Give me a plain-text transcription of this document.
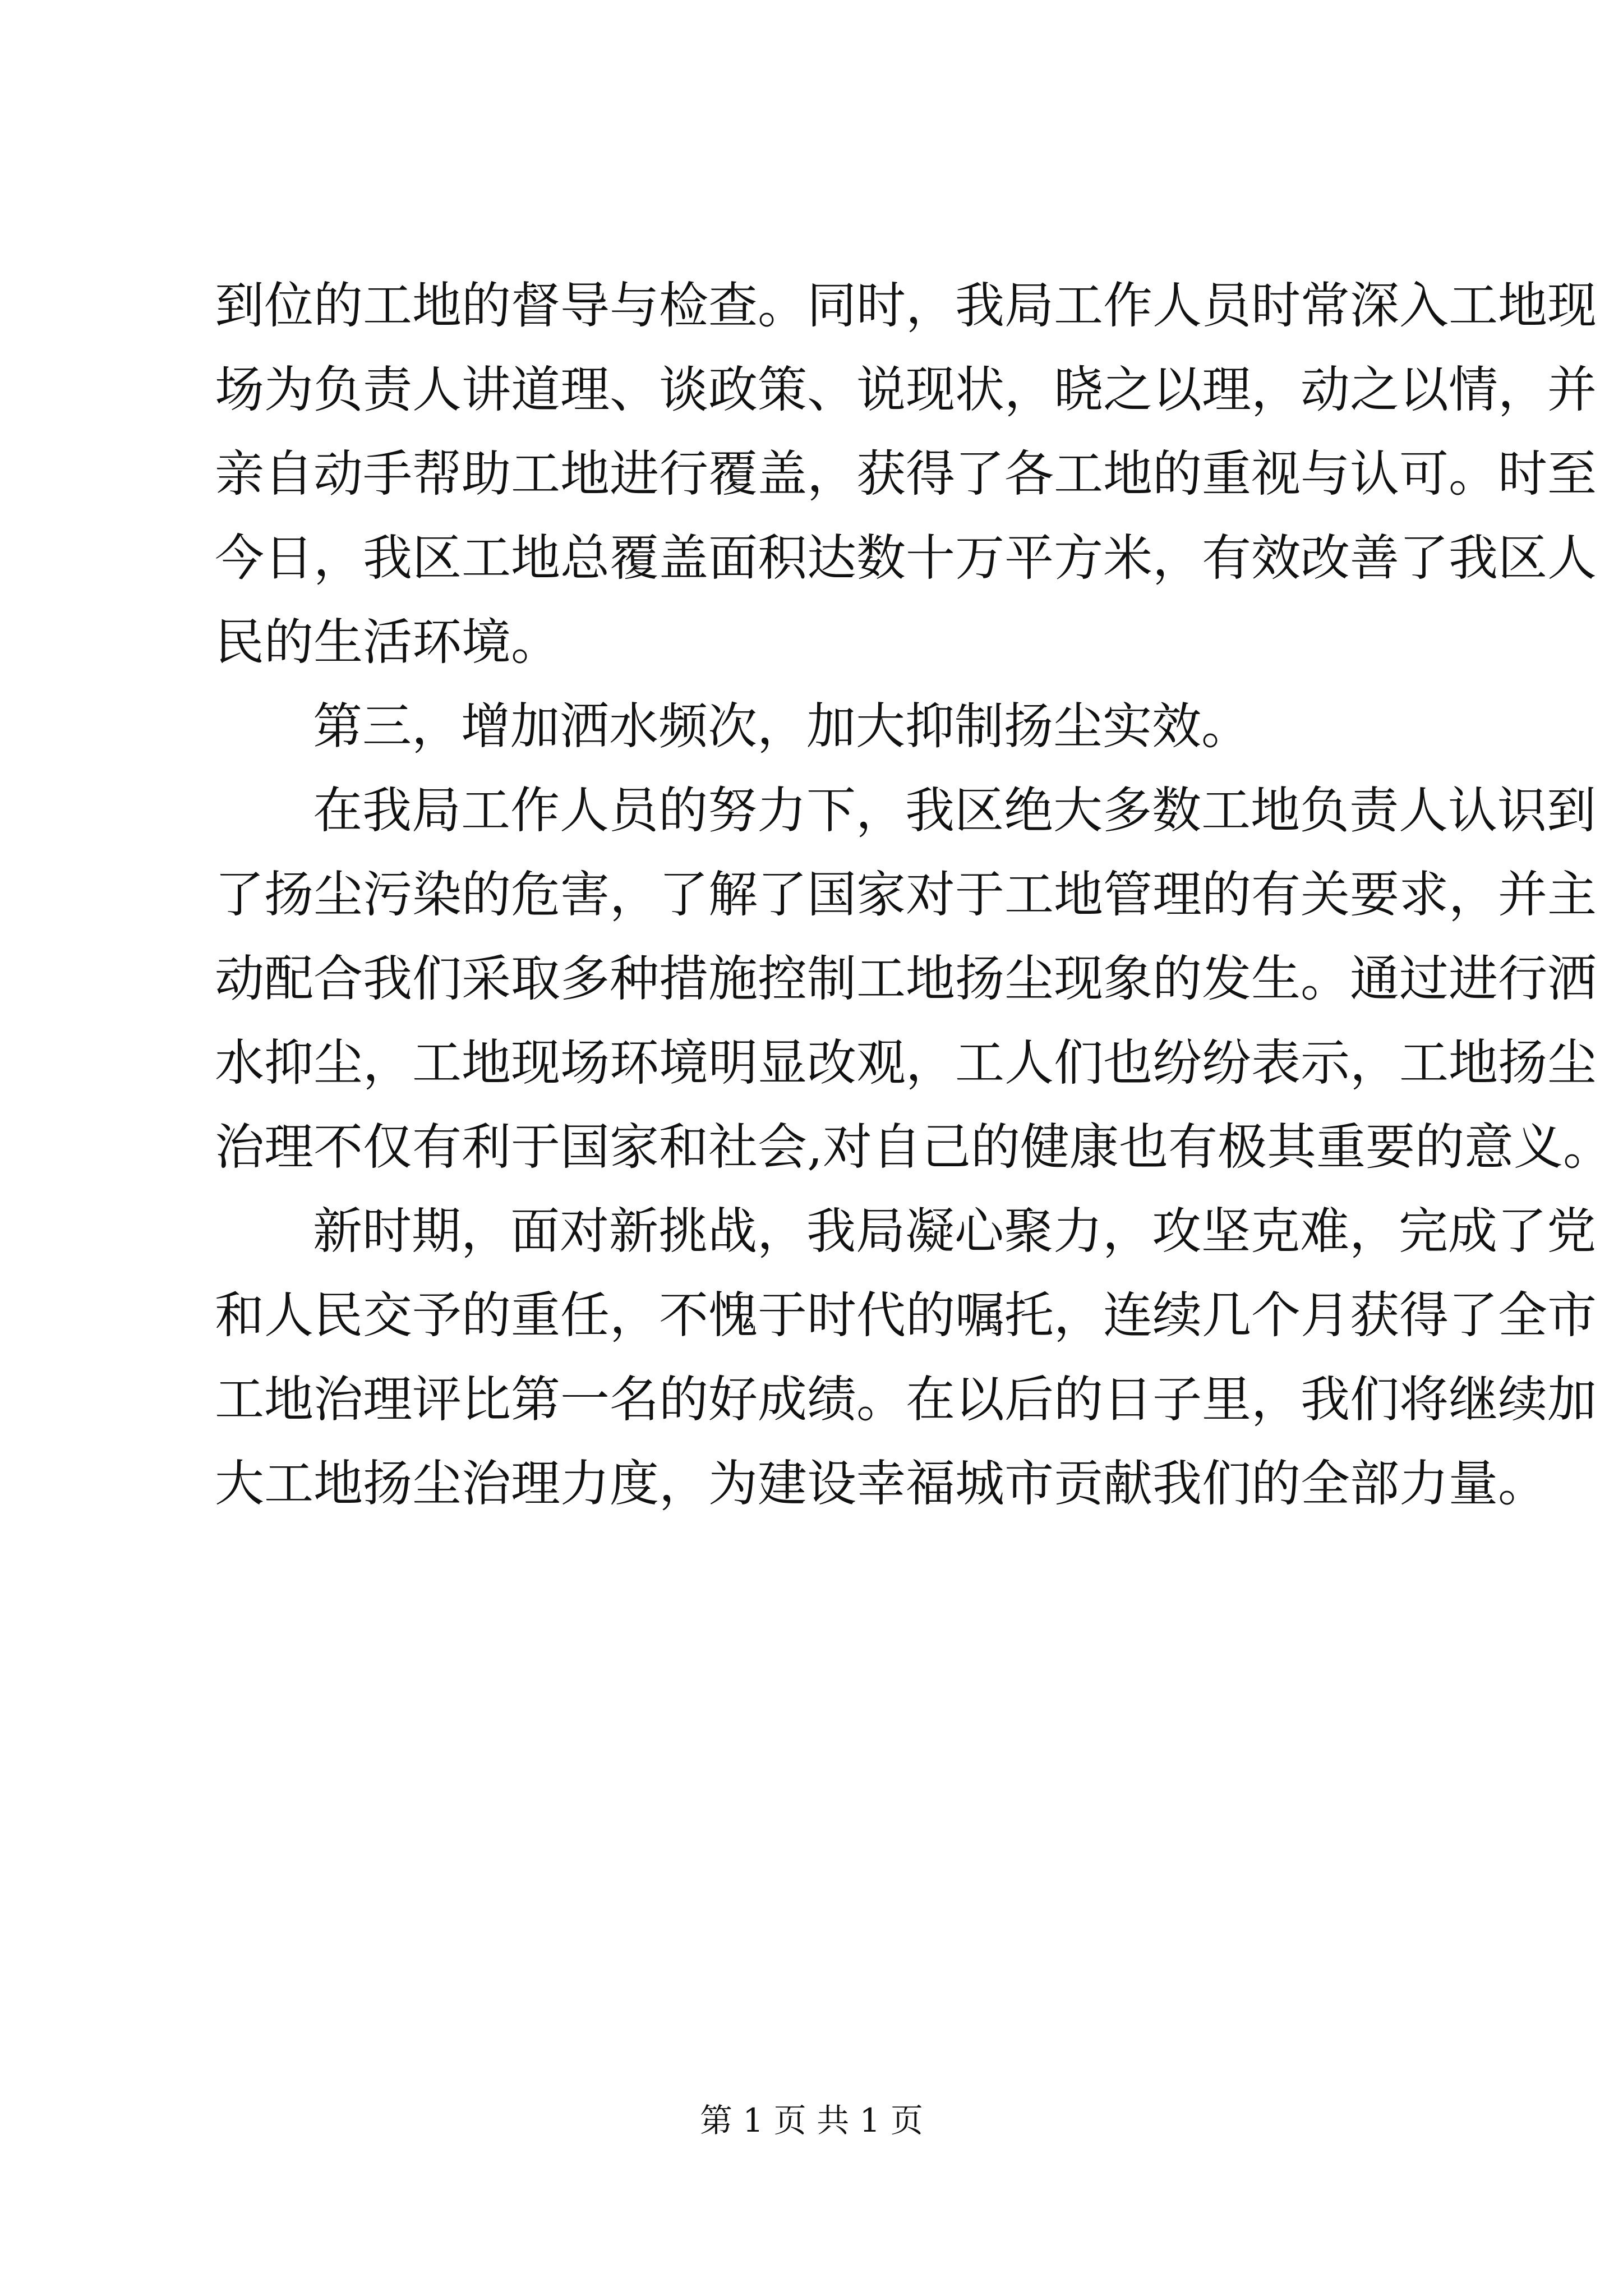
到位的工地的督导与检查。同时，我局工作人员时常深入工地现
场为负责人讲道理、谈政策、说现状，晓之以理，动之以情，并
亲自动手帮助工地进行覆盖，获得了各工地的重视与认可。时至
今日，我区工地总覆盖面积达数十万平方米，有效改善了我区人
民的生活环境。
第三，增加洒水频次，加大抑制扬尘实效。
在我局工作人员的努力下，我区绝大多数工地负责人认识到
了扬尘污染的危害，了解了国家对于工地管理的有关要求，并主
动配合我们采取多种措施控制工地扬尘现象的发生。通过进行洒
水抑尘，工地现场环境明显改观，工人们也纷纷表示，工地扬尘
治理不仅有利于国家和社会,对自己的健康也有极其重要的意义。
新时期，面对新挑战，我局凝心聚力，攻坚克难，完成了党
和人民交予的重任，不愧于时代的嘱托，连续几个月获得了全市
工地治理评比第一名的好成绩。在以后的日子里，我们将继续加
大工地扬尘治理力度，为建设幸福城市贡献我们的全部力量。
第 1 页 共 1 页
